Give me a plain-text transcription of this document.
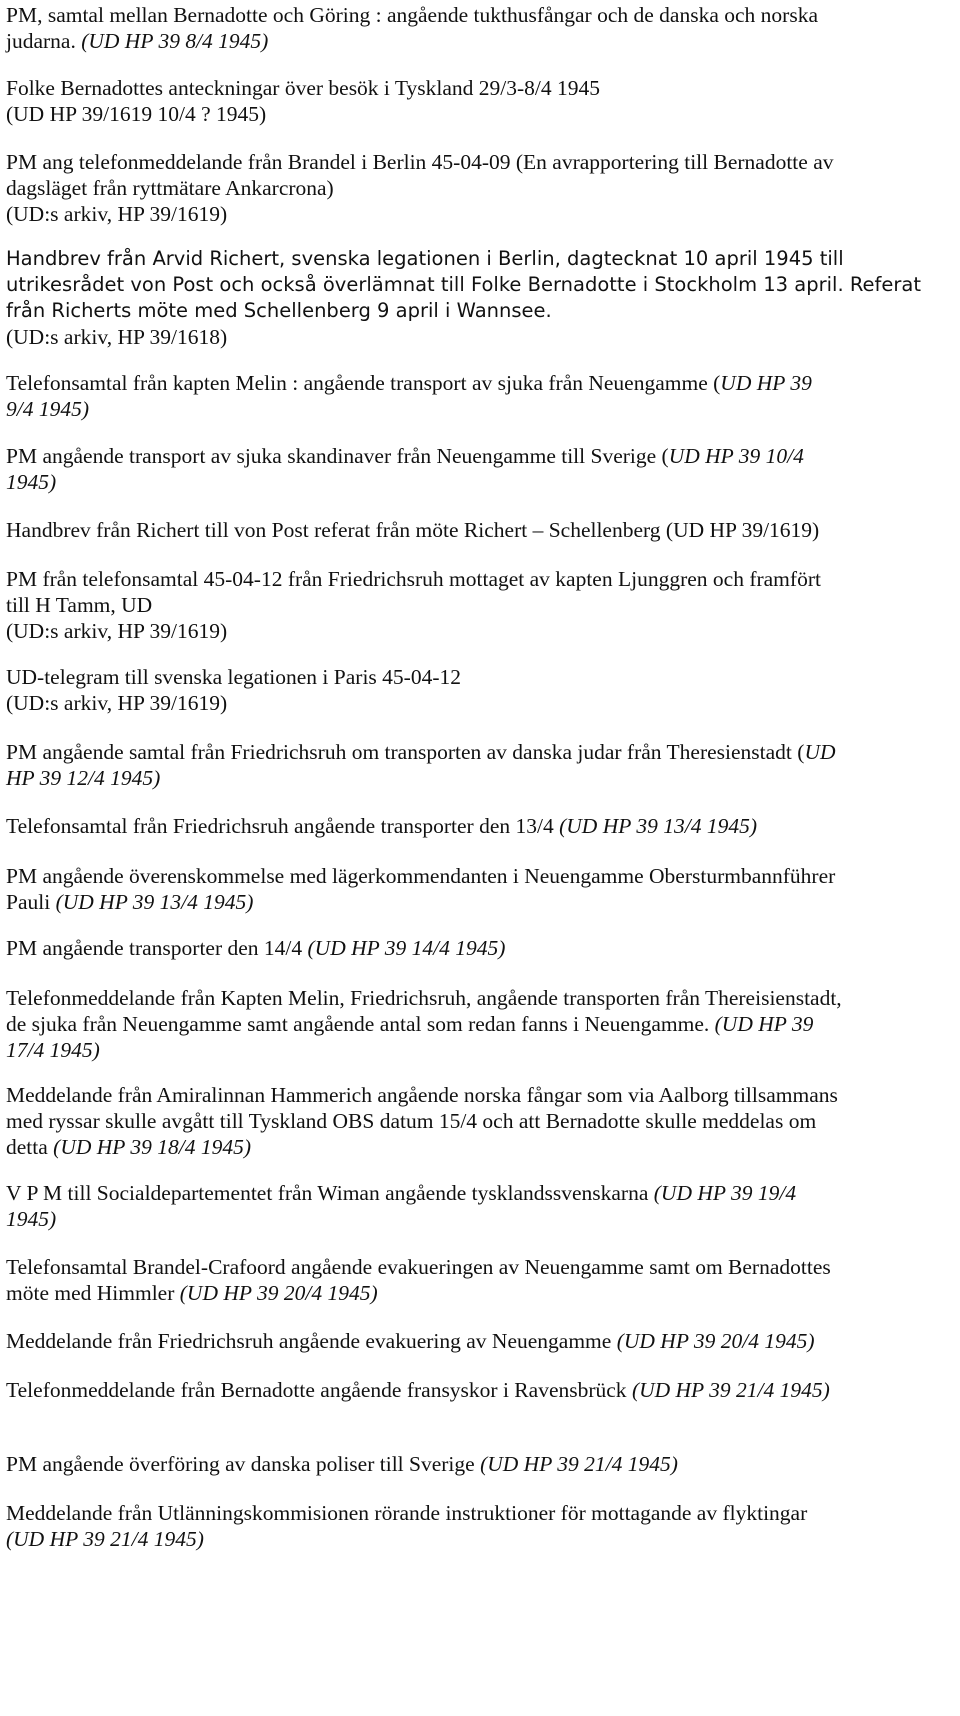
PM, samtal mellan Bernadotte och Göring : angående tukthusfångar och de danska och norska
judarna. (UD HP 39 8/4 1945)

Folke Bernadottes anteckningar över besök i Tyskland 29/3-8/4 1945
(UD HP 39/1619 10/4 ? 1945)

PM ang telefonmeddelande från Brandel i Berlin 45-04-09 (En avrapportering till Bernadotte av
dagsläget från ryttmätare Ankarcrona)
(UD:s arkiv, HP 39/1619)

Handbrev från Arvid Richert, svenska legationen i Berlin, dagtecknat 10 april 1945 till
utrikesrådet von Post och också överlämnat till Folke Bernadotte i Stockholm 13 april. Referat
från Richerts möte med Schellenberg 9 april i Wannsee.
(UD:s arkiv, HP 39/1618)

Telefonsamtal från kapten Melin : angående transport av sjuka från Neuengamme (UD HP 39
9/4 1945)

PM angående transport av sjuka skandinaver från Neuengamme till Sverige (UD HP 39 10/4
1945)

Handbrev från Richert till von Post referat från möte Richert – Schellenberg (UD HP 39/1619)

PM från telefonsamtal 45-04-12 från Friedrichsruh mottaget av kapten Ljunggren och framfört
till H Tamm, UD
(UD:s arkiv, HP 39/1619)

UD-telegram till svenska legationen i Paris 45-04-12
(UD:s arkiv, HP 39/1619)

PM angående samtal från Friedrichsruh om transporten av danska judar från Theresienstadt (UD
HP 39 12/4 1945)

Telefonsamtal från Friedrichsruh angående transporter den 13/4 (UD HP 39 13/4 1945)

PM angående överenskommelse med lägerkommendanten i Neuengamme Obersturmbannführer
Pauli (UD HP 39 13/4 1945)

PM angående transporter den 14/4 (UD HP 39 14/4 1945)

Telefonmeddelande från Kapten Melin, Friedrichsruh, angående transporten från Thereisienstadt,
de sjuka från Neuengamme samt angående antal som redan fanns i Neuengamme. (UD HP 39
17/4 1945)

Meddelande från Amiralinnan Hammerich angående norska fångar som via Aalborg tillsammans
med ryssar skulle avgått till Tyskland OBS datum 15/4 och att Bernadotte skulle meddelas om
detta (UD HP 39 18/4 1945)

V P M till Socialdepartementet från Wiman angående tysklandssvenskarna (UD HP 39 19/4
1945)

Telefonsamtal Brandel-Crafoord angående evakueringen av Neuengamme samt om Bernadottes
möte med Himmler (UD HP 39 20/4 1945)

Meddelande från Friedrichsruh angående evakuering av Neuengamme (UD HP 39 20/4 1945)

Telefonmeddelande från Bernadotte angående fransyskor i Ravensbrück (UD HP 39 21/4 1945)

PM angående överföring av danska poliser till Sverige (UD HP 39 21/4 1945)

Meddelande från Utlänningskommisionen rörande instruktioner för mottagande av flyktingar
(UD HP 39 21/4 1945)
